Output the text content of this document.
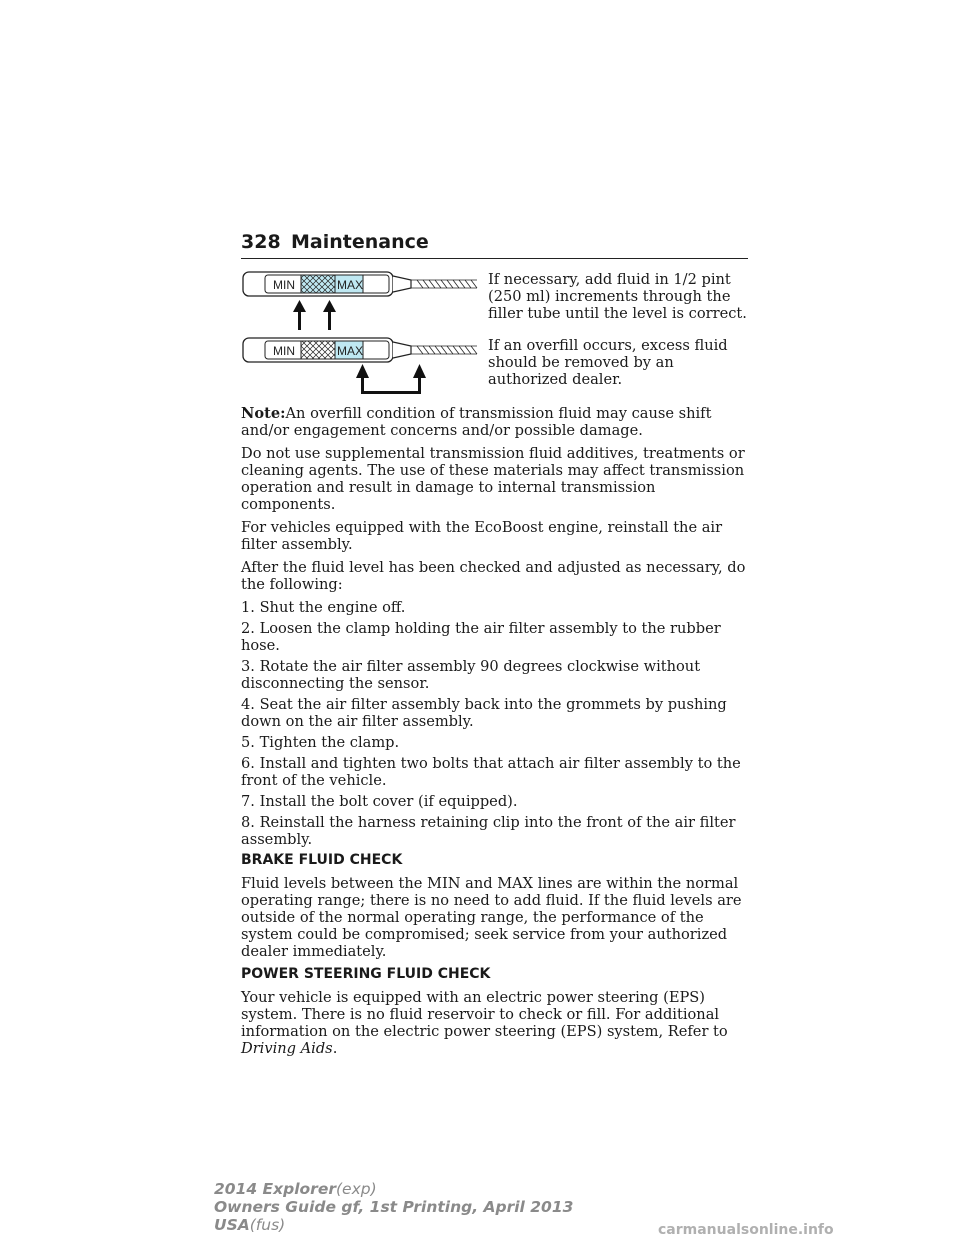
328 Maintenance
MIN	MAX	If necessary, add fluid in 1/2 pint (250 ml) increments through the filler tube until the level is correct.
MIN	MAX	If an overfill occurs, excess fluid should be removed by an authorized dealer.

Note:An overfill condition of transmission fluid may cause shift and/or engagement concerns and/or possible damage.

Do not use supplemental transmission fluid additives, treatments or cleaning agents. The use of these materials may affect transmission operation and result in damage to internal transmission components.

For vehicles equipped with the EcoBoost engine, reinstall the air filter assembly.

After the fluid level has been checked and adjusted as necessary, do the following:

1. Shut the engine off.

2. Loosen the clamp holding the air filter assembly to the rubber hose.

3. Rotate the air filter assembly 90 degrees clockwise without disconnecting the sensor.

4. Seat the air filter assembly back into the grommets by pushing down on the air filter assembly.

5. Tighten the clamp.

6. Install and tighten two bolts that attach air filter assembly to the front of the vehicle.

7. Install the bolt cover (if equipped).

8. Reinstall the harness retaining clip into the front of the air filter assembly.

BRAKE FLUID CHECK

Fluid levels between the MIN and MAX lines are within the normal operating range; there is no need to add fluid. If the fluid levels are outside of the normal operating range, the performance of the system could be compromised; seek service from your authorized dealer immediately.

POWER STEERING FLUID CHECK

Your vehicle is equipped with an electric power steering (EPS) system. There is no fluid reservoir to check or fill. For additional information on the electric power steering (EPS) system, Refer to Driving Aids.

2014 Explorer(exp)
Owners Guide gf, 1st Printing, April 2013
USA(fus)	carmanualsonline.info
